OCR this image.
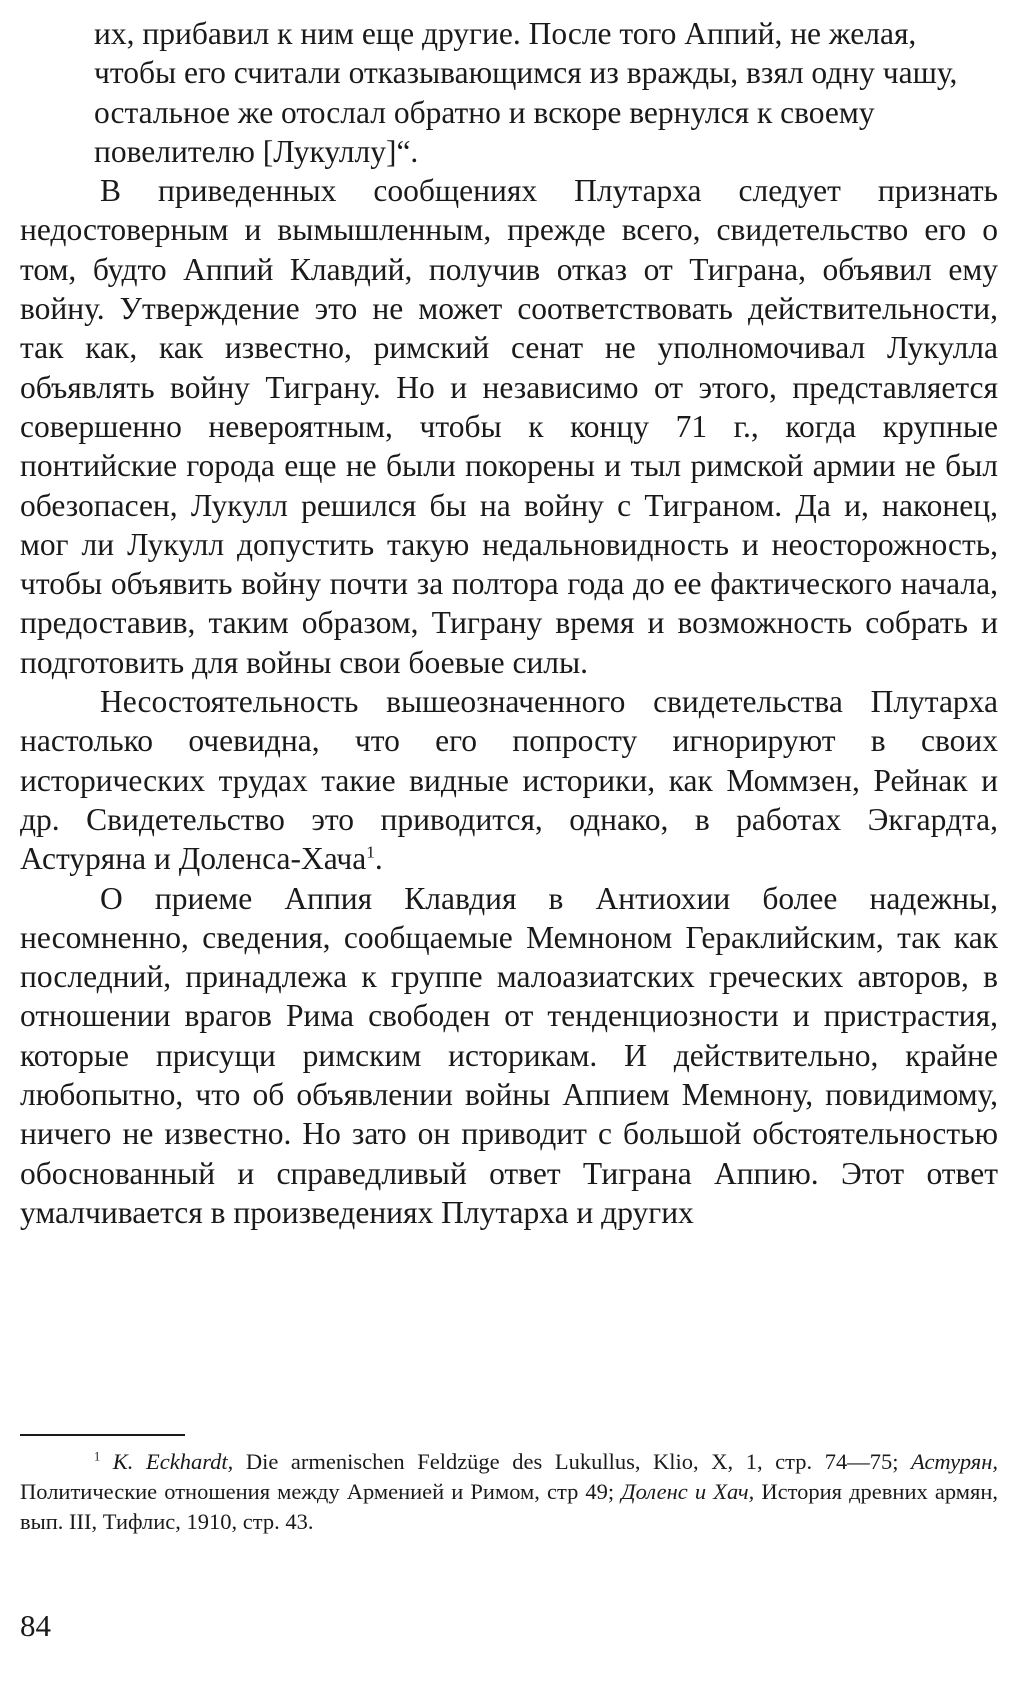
их, прибавил к ним еще другие. После того Аппий, не желая, чтобы его считали отказывающимся из вражды, взял одну чашу, остальное же отослал обратно и вскоре вернулся к своему повелителю [Лукуллу]“.

В приведенных сообщениях Плутарха следует признать недостоверным и вымышленным, прежде всего, свидетельство его о том, будто Аппий Клавдий, получив отказ от Тиграна, объявил ему войну. Утверждение это не может соответствовать действительности, так как, как известно, римский сенат не уполномочивал Лукулла объявлять войну Тиграну. Но и независимо от этого, представляется совершенно невероятным, чтобы к концу 71 г., когда крупные понтийские города еще не были покорены и тыл римской армии не был обезопасен, Лукулл решился бы на войну с Тиграном. Да и, наконец, мог ли Лукулл допустить такую недальновидность и неосторожность, чтобы объявить войну почти за полтора года до ее фактического начала, предоставив, таким образом, Тиграну время и возможность собрать и подготовить для войны свои боевые силы.

Несостоятельность вышеозначенного свидетельства Плутарха настолько очевидна, что его попросту игнорируют в своих исторических трудах такие видные историки, как Моммзен, Рейнак и др. Свидетельство это приводится, однако, в работах Экгардта, Астуряна и Доленса-Хача$^1$.

О приеме Аппия Клавдия в Антиохии более надежны, несомненно, сведения, сообщаемые Мемноном Гераклийским, так как последний, принадлежа к группе малоазиатских греческих авторов, в отношении врагов Рима свободен от тенденциозности и пристрастия, которые присущи римским историкам. И действительно, крайне любопытно, что об объявлении войны Аппием Мемнону, повидимому, ничего не известно. Но зато он приводит с большой обстоятельностью обоснованный и справедливый ответ Тиграна Аппию. Этот ответ умалчивается в произведениях Плутарха и других

$^1$ K. Eckhardt, Die armenischen Feldzüge des Lukullus, Klio, X, 1, стр. 74—75; Астурян, Политические отношения между Арменией и Римом, стр 49; Доленс и Хач, История древних армян, вып. III, Тифлис, 1910, стр. 43.

84
